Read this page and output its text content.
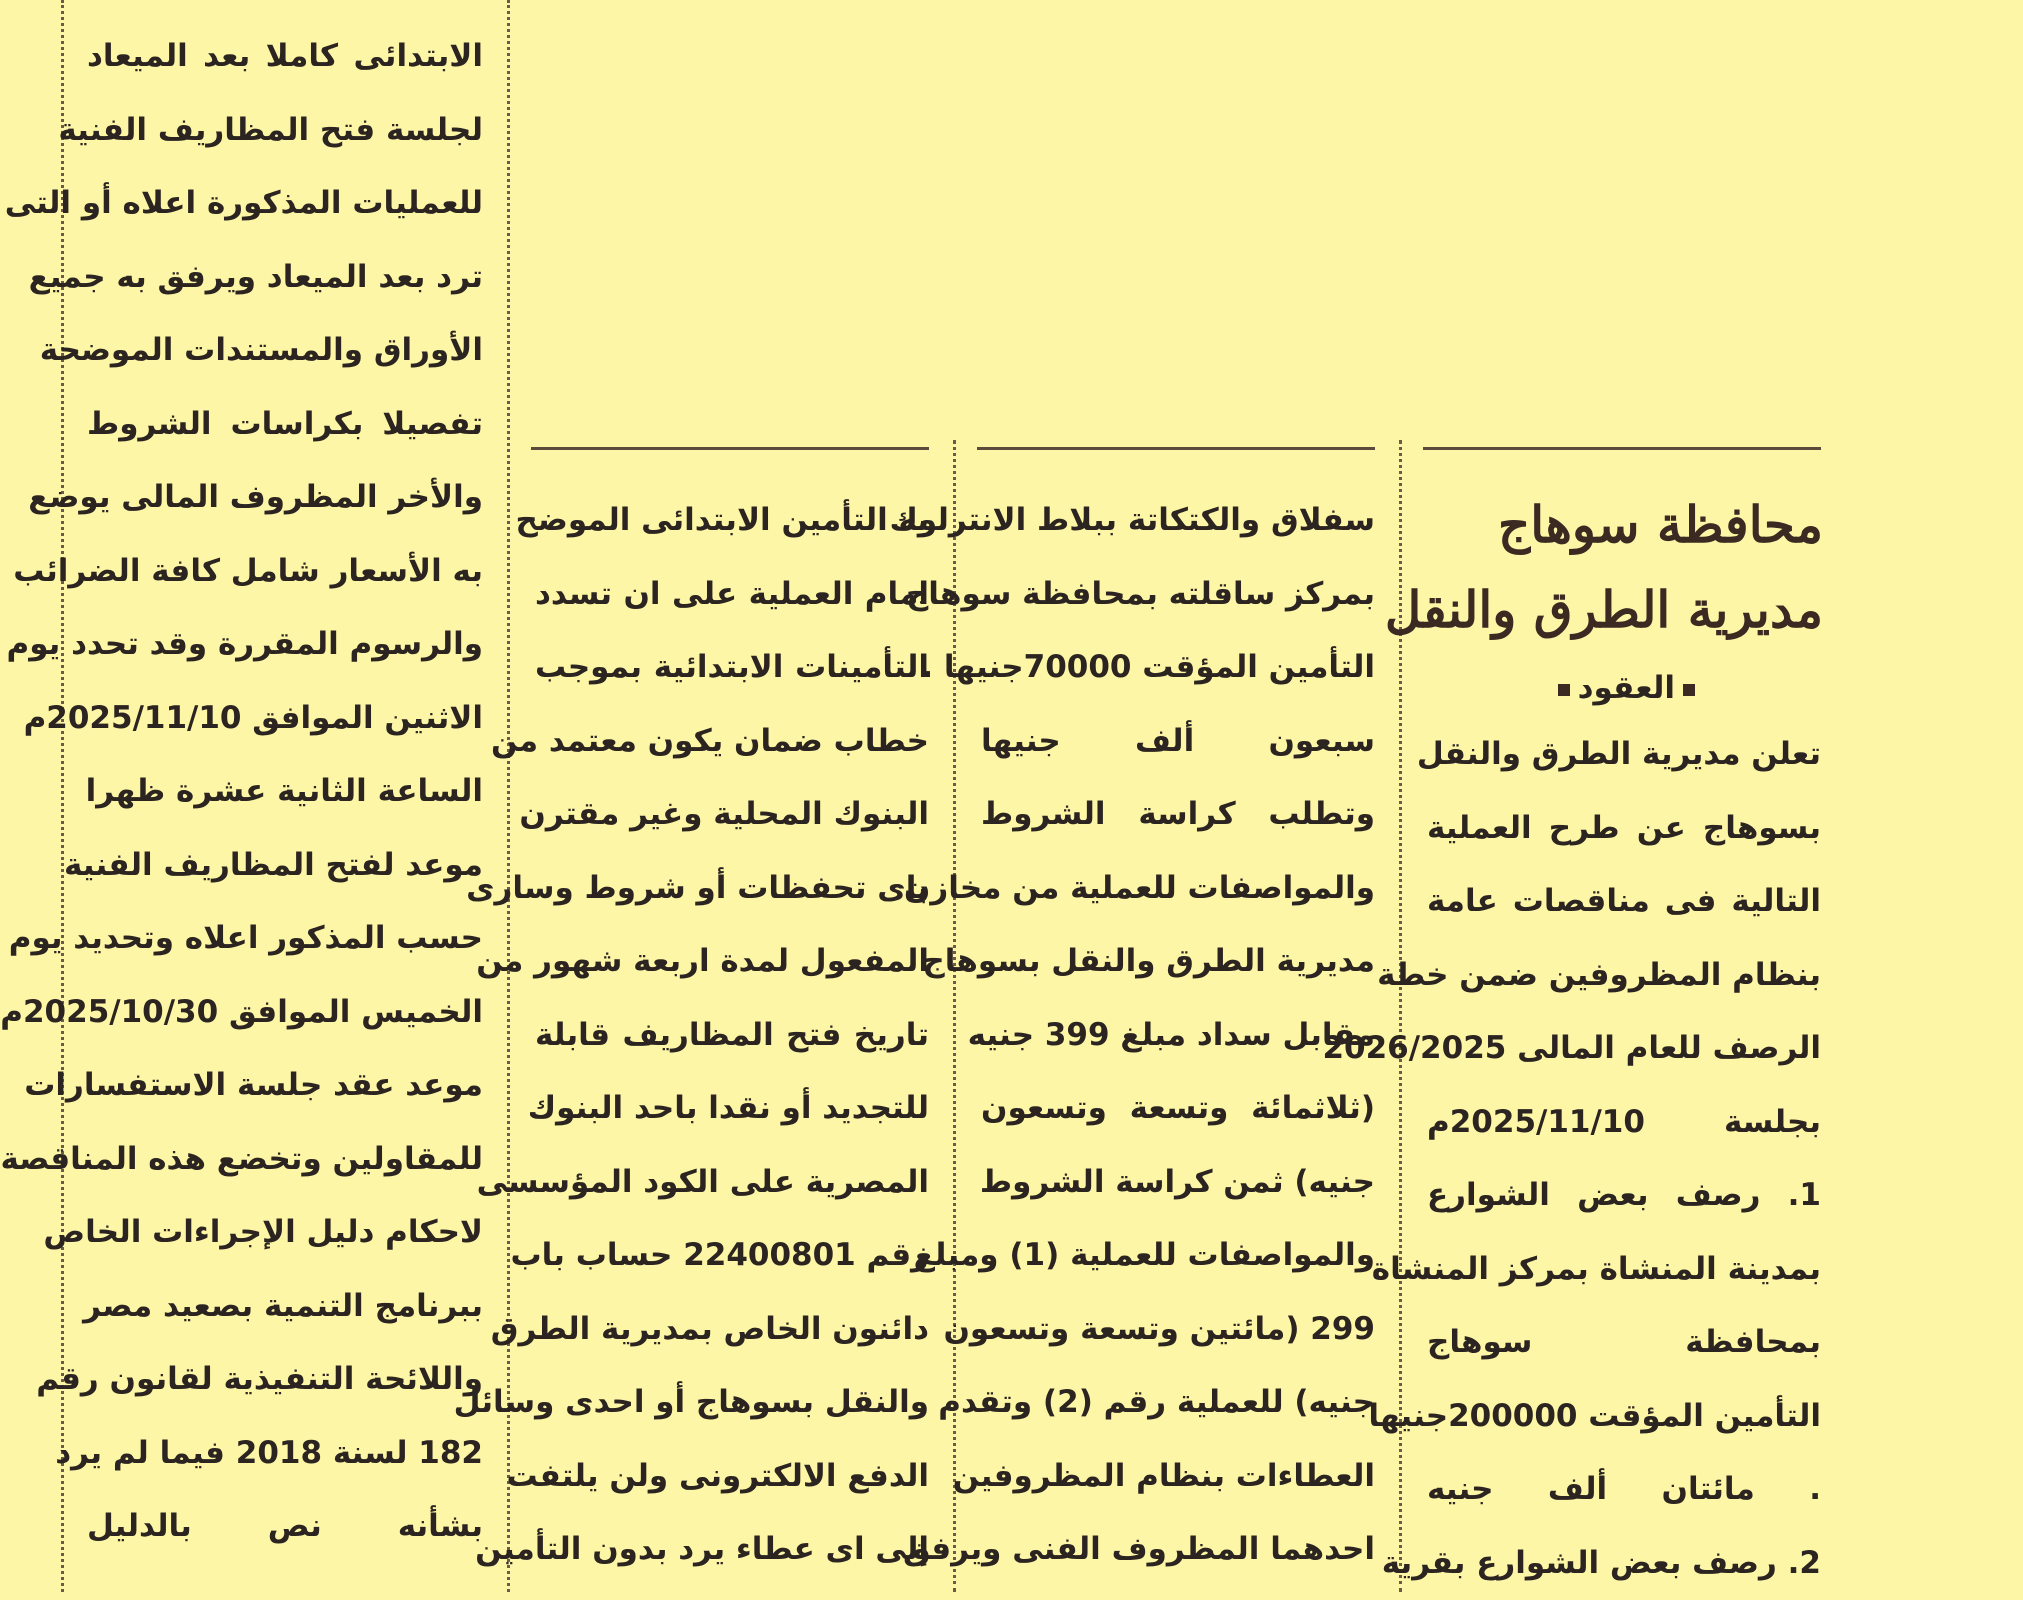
محافظة سوهاج
مديرية الطرق والنقل
العقود
تعلن مديرية الطرق والنقل
بسوهاج عن طرح العملية
التالية فى مناقصات عامة
بنظام المظروفين ضمن خطة
الرصف للعام المالى 2026/2025
بجلسة 2025/11/10م
1. رصف بعض الشوارع
بمدينة المنشاة بمركز المنشاة
بمحافظة سوهاج
التأمين المؤقت 200000جنيها
. مائتان ألف جنيه
2. رصف بعض الشوارع بقرية
سفلاق والكتكاتة ببلاط الانترلوك
بمركز ساقلته بمحافظة سوهاج
التأمين المؤقت 70000جنيها .
سبعون ألف جنيها
وتطلب كراسة الشروط
والمواصفات للعملية من مخازن
مديرية الطرق والنقل بسوهاج
مقابل سداد مبلغ 399 جنيه
(ثلاثمائة وتسعة وتسعون
جنيه) ثمن كراسة الشروط
والمواصفات للعملية (1) ومبلغ
299 (مائتين وتسعة وتسعون
جنيه) للعملية رقم (2) وتقدم
العطاءات بنظام المظروفين
احدهما المظروف الفنى ويرفق
به التأمين الابتدائى الموضح
امام العملية على ان تسدد
التأمينات الابتدائية بموجب
خطاب ضمان يكون معتمد من
البنوك المحلية وغير مقترن
باى تحفظات أو شروط وسارى
المفعول لمدة اربعة شهور من
تاريخ فتح المظاريف قابلة
للتجديد أو نقدا باحد البنوك
المصرية على الكود المؤسسى
رقم 22400801 حساب باب
دائنون الخاص بمديرية الطرق
والنقل بسوهاج أو احدى وسائل
الدفع الالكترونى ولن يلتفت
إلى اى عطاء يرد بدون التأمين
الابتدائى كاملا بعد الميعاد
لجلسة فتح المظاريف الفنية
للعمليات المذكورة اعلاه أو التى
ترد بعد الميعاد ويرفق به جميع
الأوراق والمستندات الموضحة
تفصيلا بكراسات الشروط
والأخر المظروف المالى يوضع
به الأسعار شامل كافة الضرائب
والرسوم المقررة وقد تحدد يوم
الاثنين الموافق 2025/11/10م
الساعة الثانية عشرة ظهرا
موعد لفتح المظاريف الفنية
حسب المذكور اعلاه وتحديد يوم
الخميس الموافق 2025/10/30م
موعد عقد جلسة الاستفسارات
للمقاولين وتخضع هذه المناقصة
لاحكام دليل الإجراءات الخاص
ببرنامج التنمية بصعيد مصر
واللائحة التنفيذية لقانون رقم
182 لسنة 2018 فيما لم يرد
بشأنه نص بالدليل
